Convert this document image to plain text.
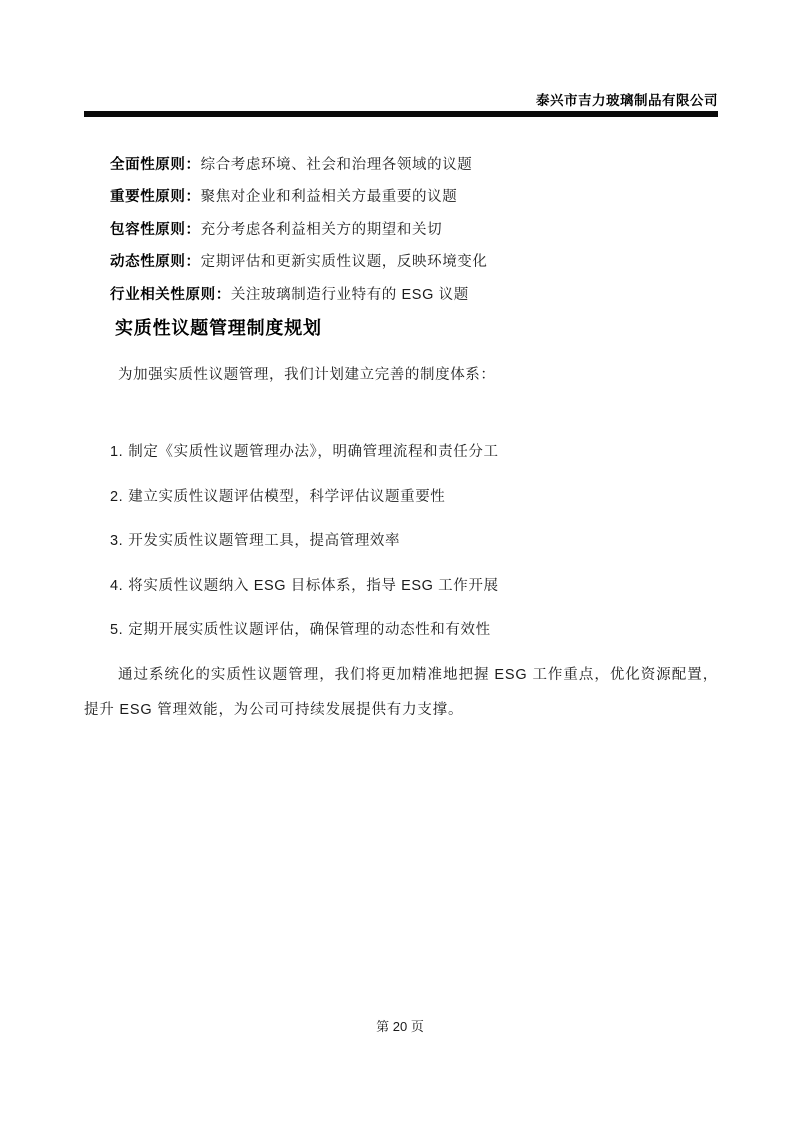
泰兴市吉力玻璃制品有限公司
全面性原则：综合考虑环境、社会和治理各领域的议题
重要性原则：聚焦对企业和利益相关方最重要的议题
包容性原则：充分考虑各利益相关方的期望和关切
动态性原则：定期评估和更新实质性议题，反映环境变化
行业相关性原则：关注玻璃制造行业特有的 ESG 议题
实质性议题管理制度规划

为加强实质性议题管理，我们计划建立完善的制度体系：

1. 制定《实质性议题管理办法》，明确管理流程和责任分工
2. 建立实质性议题评估模型，科学评估议题重要性
3. 开发实质性议题管理工具，提高管理效率
4. 将实质性议题纳入 ESG 目标体系，指导 ESG 工作开展
5. 定期开展实质性议题评估，确保管理的动态性和有效性

通过系统化的实质性议题管理，我们将更加精准地把握 ESG 工作重点，优化资源配置，提升 ESG 管理效能，为公司可持续发展提供有力支撑。

第 20 页
